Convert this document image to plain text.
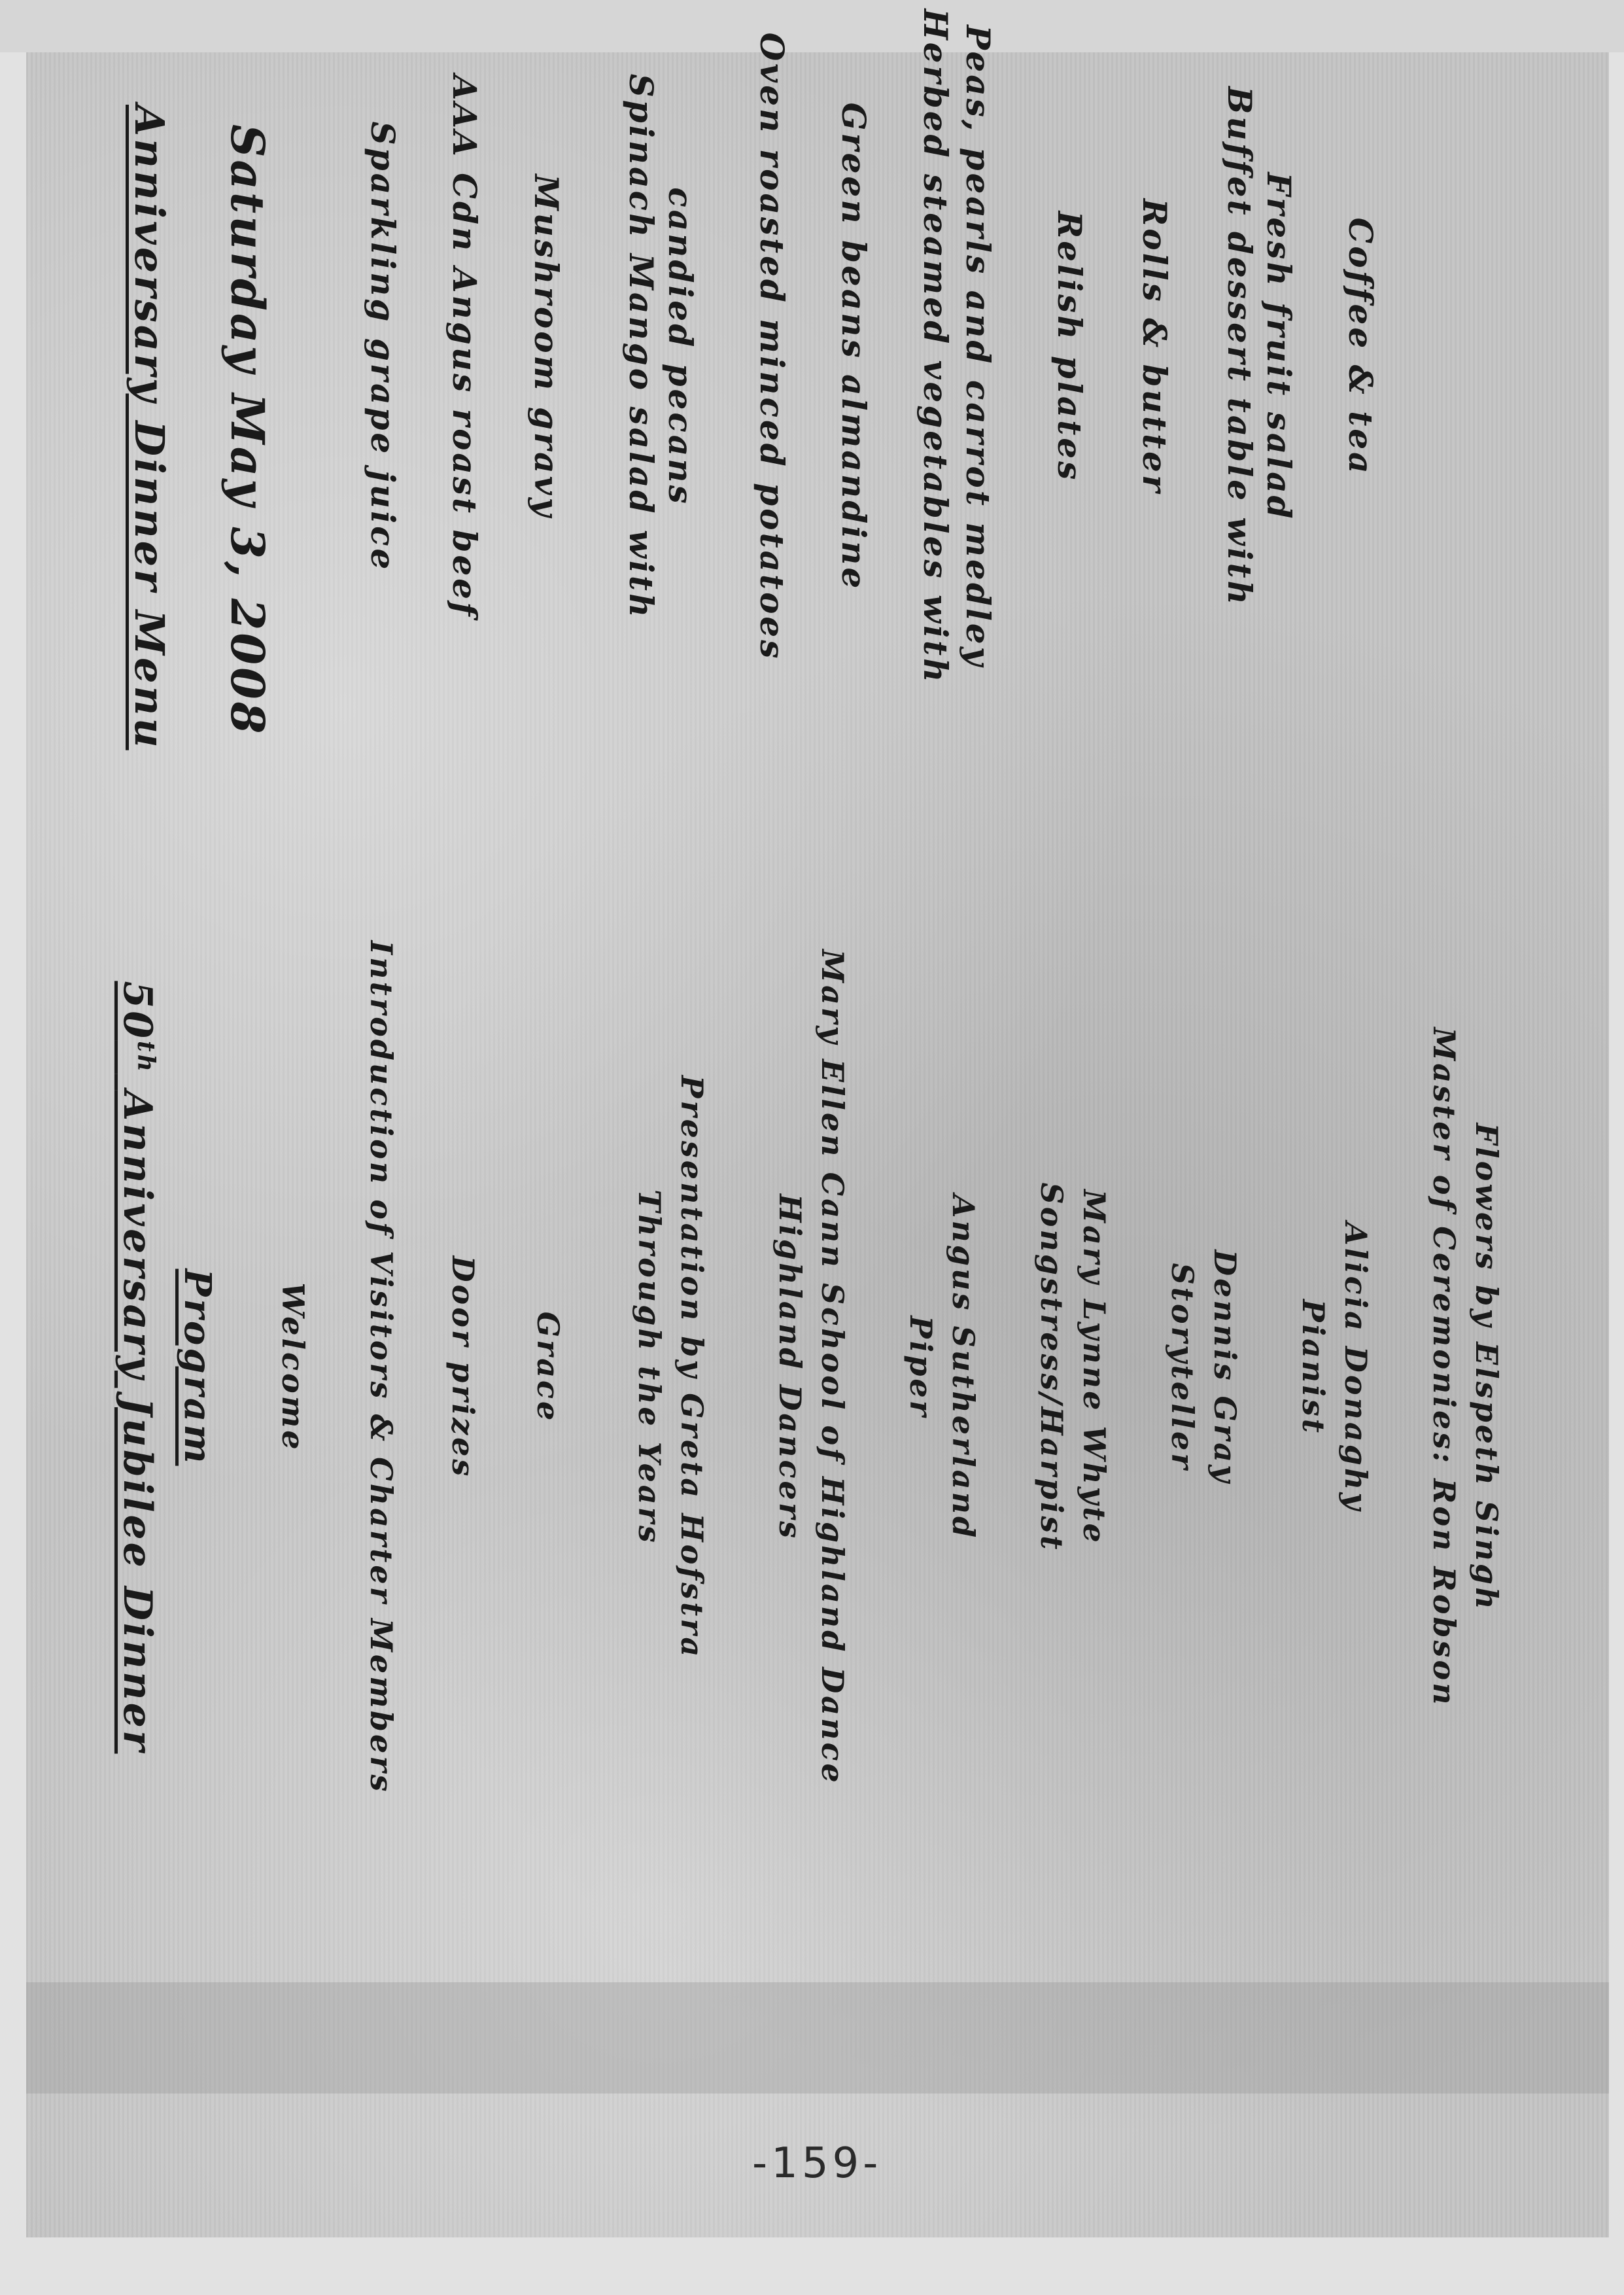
Anniversary Dinner Menu Saturday May 3, 2008	Sparkling grape juice AAA Cdn Angus roast beef Mushroom gravy Spinach Mango salad with candied pecans Oven roasted minced potatoes Green beans almandine Herbed steamed vegetables with Peas, pearls and carrot medley Relish plates Rolls & butter Buffet dessert table with Fresh fruit salad Coffee & tea
50th Anniversary Jubilee Dinner Program Welcome Introduction of Visitors & Charter Members Door prizes Grace Through the Years Presentation by Greta Hofstra Highland Dancers Mary Ellen Cann School of Highland Dance Piper Angus Sutherland Songstress/Harpist Mary Lynne Whyte Storyteller Dennis Gray Pianist Alicia Donaghy Master of Ceremonies: Ron Robson Flowers by Elspeth Singh
-159-
